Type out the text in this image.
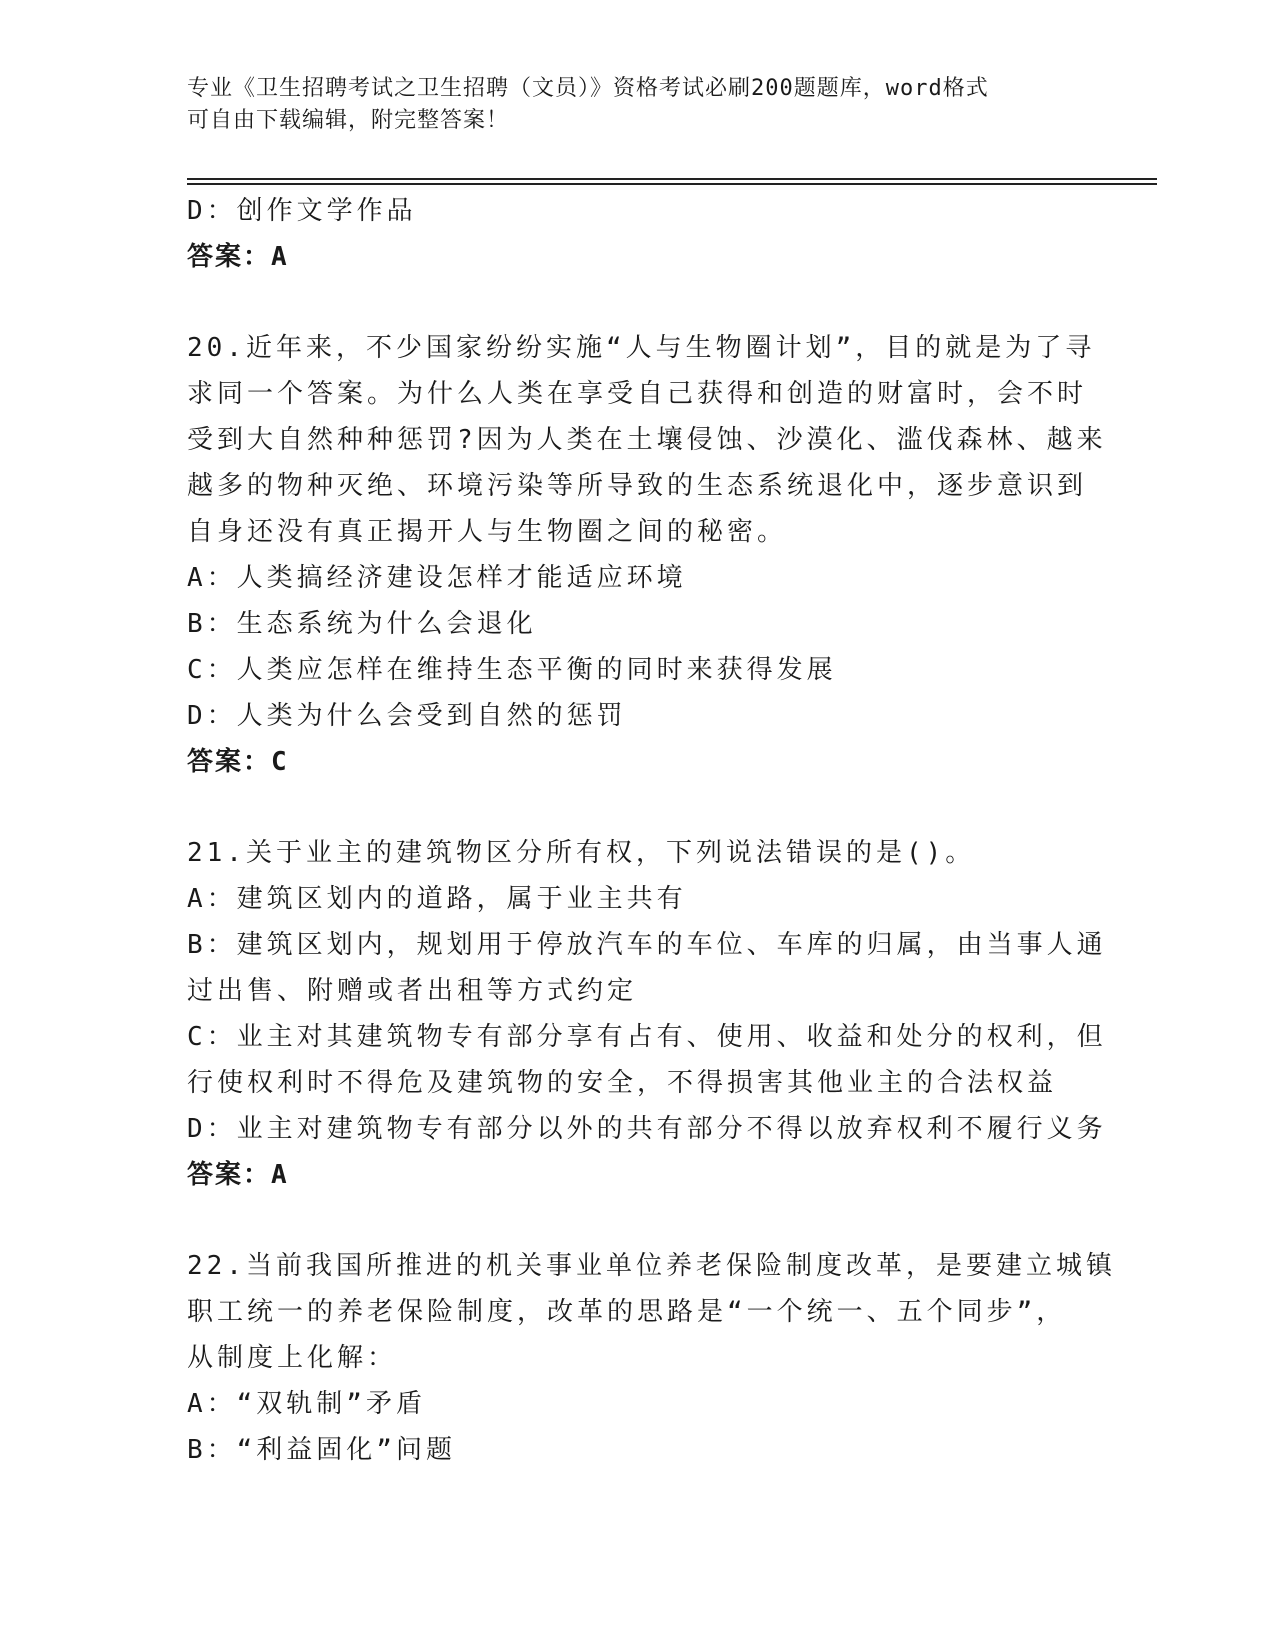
专业《卫生招聘考试之卫生招聘（文员）》资格考试必刷200题题库，word格式
可自由下载编辑，附完整答案！
D：创作文学作品
答案：A
20.近年来，不少国家纷纷实施“人与生物圈计划”，目的就是为了寻
求同一个答案。为什么人类在享受自己获得和创造的财富时，会不时
受到大自然种种惩罚?因为人类在土壤侵蚀、沙漠化、滥伐森林、越来
越多的物种灭绝、环境污染等所导致的生态系统退化中，逐步意识到
自身还没有真正揭开人与生物圈之间的秘密。
A：人类搞经济建设怎样才能适应环境
B：生态系统为什么会退化
C：人类应怎样在维持生态平衡的同时来获得发展
D：人类为什么会受到自然的惩罚
答案：C
21.关于业主的建筑物区分所有权，下列说法错误的是()。
A：建筑区划内的道路，属于业主共有
B：建筑区划内，规划用于停放汽车的车位、车库的归属，由当事人通
过出售、附赠或者出租等方式约定
C：业主对其建筑物专有部分享有占有、使用、收益和处分的权利，但
行使权利时不得危及建筑物的安全，不得损害其他业主的合法权益
D：业主对建筑物专有部分以外的共有部分不得以放弃权利不履行义务
答案：A
22.当前我国所推进的机关事业单位养老保险制度改革，是要建立城镇
职工统一的养老保险制度，改革的思路是“一个统一、五个同步”，
从制度上化解：
A：“双轨制”矛盾
B：“利益固化”问题
